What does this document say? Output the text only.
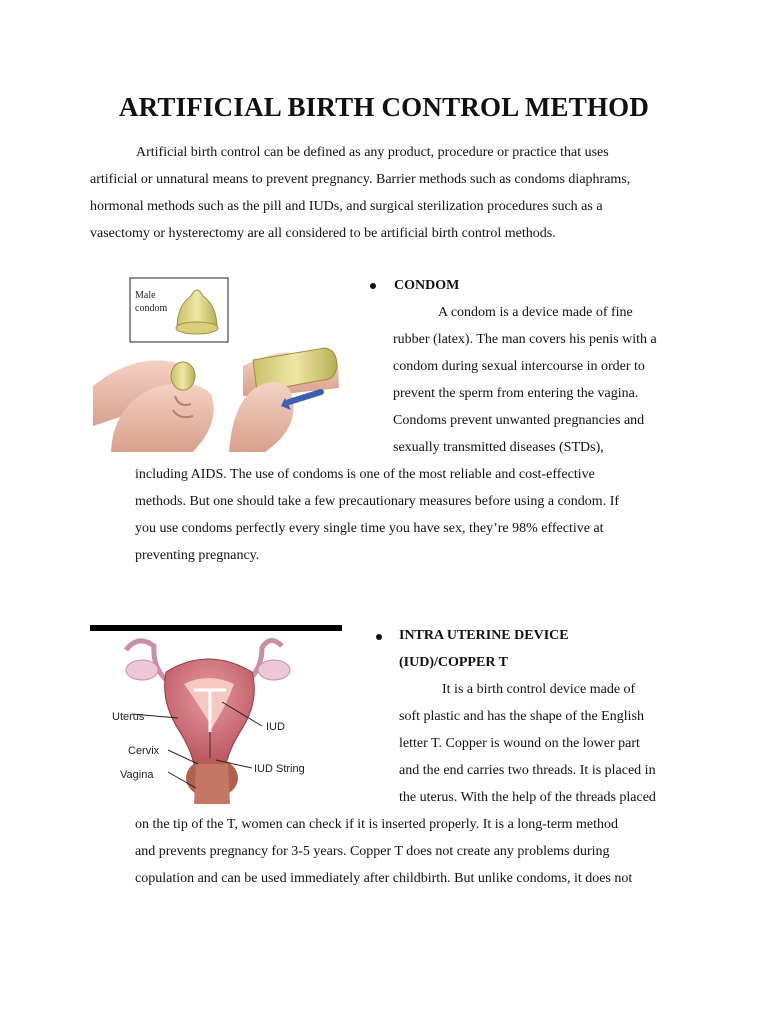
ARTIFICIAL BIRTH CONTROL METHOD

Artificial birth control can be defined as any product, procedure or practice that uses
artificial or unnatural means to prevent pregnancy. Barrier methods such as condoms diaphrams,
hormonal methods such as the pill and IUDs, and surgical sterilization procedures such as a
vasectomy or hysterectomy are all considered to be artificial birth control methods.

Male
condom
CONDOM
A condom is a device made of fine
rubber (latex). The man covers his penis with a
condom during sexual intercourse in order to
prevent the sperm from entering the vagina.
Condoms prevent unwanted pregnancies and
sexually transmitted diseases (STDs),
including AIDS. The use of condoms is one of the most reliable and cost-effective
methods. But one should take a few precautionary measures before using a condom. If
you use condoms perfectly every single time you have sex, they’re 98% effective at
preventing pregnancy.
Uterus
Cervix
Vagina
IUD
IUD String
INTRA UTERINE DEVICE
(IUD)/COPPER T
It is a birth control device made of
soft plastic and has the shape of the English
letter T. Copper is wound on the lower part
and the end carries two threads. It is placed in
the uterus. With the help of the threads placed
on the tip of the T, women can check if it is inserted properly. It is a long-term method
and prevents pregnancy for 3-5 years. Copper T does not create any problems during
copulation and can be used immediately after childbirth. But unlike condoms, it does not
